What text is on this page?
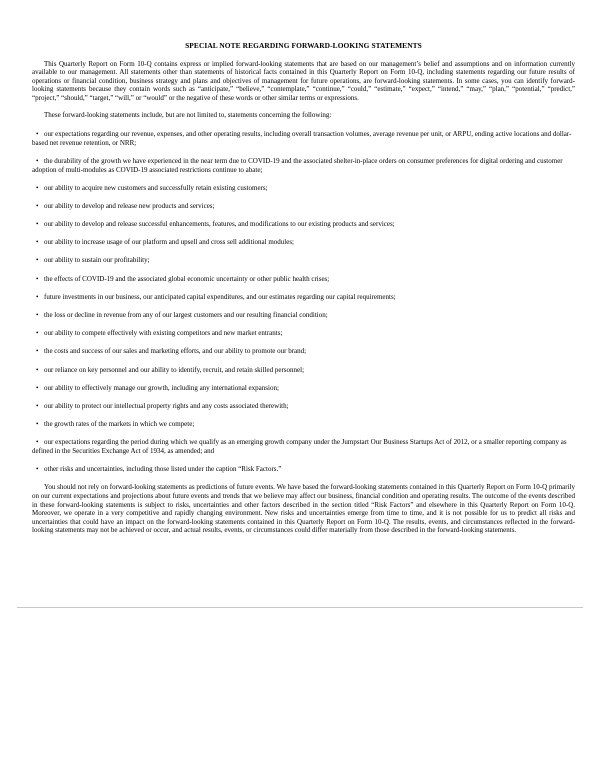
SPECIAL NOTE REGARDING FORWARD-LOOKING STATEMENTS

This Quarterly Report on Form 10-Q contains express or implied forward-looking statements that are based on our management’s belief and assumptions and on information currently available to our management. All statements other than statements of historical facts contained in this Quarterly Report on Form 10-Q, including statements regarding our future results of operations or financial condition, business strategy and plans and objectives of management for future operations, are forward-looking statements. In some cases, you can identify forward-looking statements because they contain words such as “anticipate,” “believe,” “contemplate,” “continue,” “could,” “estimate,” “expect,” “intend,” “may,” “plan,” “potential,” “predict,” “project,” “should,” “target,” “will,” or “would” or the negative of these words or other similar terms or expressions.

These forward-looking statements include, but are not limited to, statements concerning the following:

• our expectations regarding our revenue, expenses, and other operating results, including overall transaction volumes, average revenue per unit, or ARPU, ending active locations and dollar-based net revenue retention, or NRR;

• the durability of the growth we have experienced in the near term due to COVID-19 and the associated shelter-in-place orders on consumer preferences for digital ordering and customer adoption of multi-modules as COVID-19 associated restrictions continue to abate;

• our ability to acquire new customers and successfully retain existing customers;

• our ability to develop and release new products and services;

• our ability to develop and release successful enhancements, features, and modifications to our existing products and services;

• our ability to increase usage of our platform and upsell and cross sell additional modules;

• our ability to sustain our profitability;

• the effects of COVID-19 and the associated global economic uncertainty or other public health crises;

• future investments in our business, our anticipated capital expenditures, and our estimates regarding our capital requirements;

• the loss or decline in revenue from any of our largest customers and our resulting financial condition;

• our ability to compete effectively with existing competitors and new market entrants;

• the costs and success of our sales and marketing efforts, and our ability to promote our brand;

• our reliance on key personnel and our ability to identify, recruit, and retain skilled personnel;

• our ability to effectively manage our growth, including any international expansion;

• our ability to protect our intellectual property rights and any costs associated therewith;

• the growth rates of the markets in which we compete;

• our expectations regarding the period during which we qualify as an emerging growth company under the Jumpstart Our Business Startups Act of 2012, or a smaller reporting company as defined in the Securities Exchange Act of 1934, as amended; and

• other risks and uncertainties, including those listed under the caption “Risk Factors.”

You should not rely on forward-looking statements as predictions of future events. We have based the forward-looking statements contained in this Quarterly Report on Form 10-Q primarily on our current expectations and projections about future events and trends that we believe may affect our business, financial condition and operating results. The outcome of the events described in these forward-looking statements is subject to risks, uncertainties and other factors described in the section titled “Risk Factors” and elsewhere in this Quarterly Report on Form 10-Q. Moreover, we operate in a very competitive and rapidly changing environment. New risks and uncertainties emerge from time to time, and it is not possible for us to predict all risks and uncertainties that could have an impact on the forward-looking statements contained in this Quarterly Report on Form 10-Q. The results, events, and circumstances reflected in the forward-looking statements may not be achieved or occur, and actual results, events, or circumstances could differ materially from those described in the forward-looking statements.
